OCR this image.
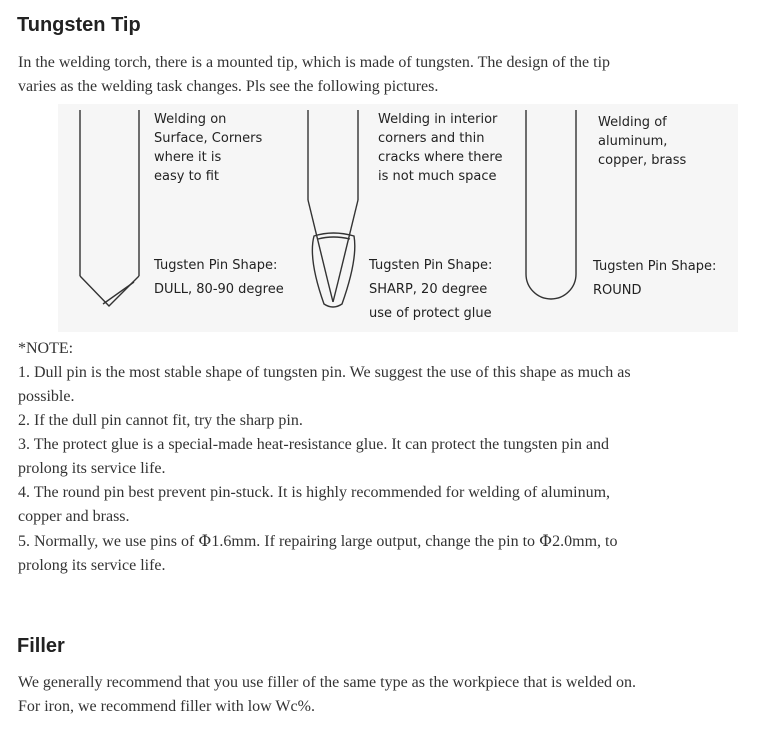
Tungsten Tip

In the welding torch, there is a mounted tip, which is made of tungsten. The design of the tip
varies as the welding task changes. Pls see the following pictures.

Welding on
Surface, Corners
where it is
easy to fit
Tugsten Pin Shape:
DULL, 80-90 degree
Welding in interior
corners and thin
cracks where there
is not much space
Tugsten Pin Shape:
SHARP, 20 degree
use of protect glue
Welding of
aluminum,
copper, brass
Tugsten Pin Shape:
ROUND
*NOTE:
1. Dull pin is the most stable shape of tungsten pin. We suggest the use of this shape as much as
possible.
2. If the dull pin cannot fit, try the sharp pin.
3. The protect glue is a special-made heat-resistance glue. It can protect the tungsten pin and
prolong its service life.
4. The round pin best prevent pin-stuck. It is highly recommended for welding of aluminum,
copper and brass.
5. Normally, we use pins of Φ1.6mm. If repairing large output, change the pin to Φ2.0mm, to
prolong its service life.
Filler

We generally recommend that you use filler of the same type as the workpiece that is welded on.
For iron, we recommend filler with low Wc%.
